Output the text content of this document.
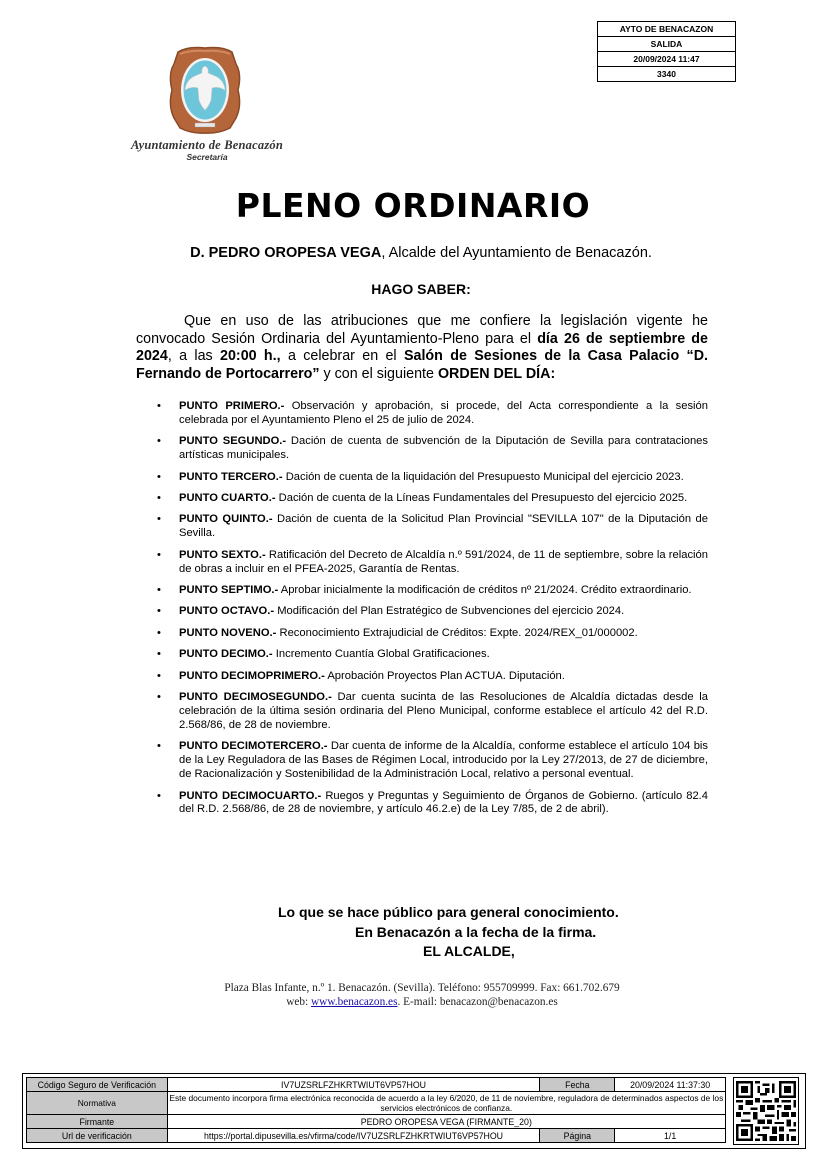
AYTO DE BENACAZON
SALIDA
20/09/2024 11:47
3340
Ayuntamiento de Benacazón
Secretaría
PLENO ORDINARIO
D. PEDRO OROPESA VEGA, Alcalde del Ayuntamiento de Benacazón.
HAGO SABER:
Que en uso de las atribuciones que me confiere la legislación vigente he convocado Sesión Ordinaria del Ayuntamiento-Pleno para el día 26 de septiembre de 2024, a las 20:00 h., a celebrar en el Salón de Sesiones de la Casa Palacio “D. Fernando de Portocarrero” y con el siguiente ORDEN DEL DÍA:
• PUNTO PRIMERO.- Observación y aprobación, si procede, del Acta correspondiente a la sesión celebrada por el Ayuntamiento Pleno el 25 de julio de 2024.
• PUNTO SEGUNDO.- Dación de cuenta de subvención de la Diputación de Sevilla para contrataciones artísticas municipales.
• PUNTO TERCERO.- Dación de cuenta de la liquidación del Presupuesto Municipal del ejercicio 2023.
• PUNTO CUARTO.- Dación de cuenta de la Líneas Fundamentales del Presupuesto del ejercicio 2025.
• PUNTO QUINTO.- Dación de cuenta de la Solicitud Plan Provincial "SEVILLA 107" de la Diputación de Sevilla.
• PUNTO SEXTO.- Ratificación del Decreto de Alcaldía n.º 591/2024, de 11 de septiembre, sobre la relación de obras a incluir en el PFEA-2025, Garantía de Rentas.
• PUNTO SEPTIMO.- Aprobar inicialmente la modificación de créditos nº 21/2024. Crédito extraordinario.
• PUNTO OCTAVO.- Modificación del Plan Estratégico de Subvenciones del ejercicio 2024.
• PUNTO NOVENO.- Reconocimiento Extrajudicial de Créditos: Expte. 2024/REX_01/000002.
• PUNTO DECIMO.- Incremento Cuantía Global Gratificaciones.
• PUNTO DECIMOPRIMERO.- Aprobación Proyectos Plan ACTUA. Diputación.
• PUNTO DECIMOSEGUNDO.- Dar cuenta sucinta de las Resoluciones de Alcaldía dictadas desde la celebración de la última sesión ordinaria del Pleno Municipal, conforme establece el artículo 42 del R.D. 2.568/86, de 28 de noviembre.
• PUNTO DECIMOTERCERO.- Dar cuenta de informe de la Alcaldía, conforme establece el artículo 104 bis de la Ley Reguladora de las Bases de Régimen Local, introducido por la Ley 27/2013, de 27 de diciembre, de Racionalización y Sostenibilidad de la Administración Local, relativo a personal eventual.
• PUNTO DECIMOCUARTO.- Ruegos y Preguntas y Seguimiento de Órganos de Gobierno. (artículo 82.4 del R.D. 2.568/86, de 28 de noviembre, y artículo 46.2.e) de la Ley 7/85, de 2 de abril).
Lo que se hace público para general conocimiento.
En Benacazón a la fecha de la firma.
EL ALCALDE,
Plaza Blas Infante, n.º 1. Benacazón. (Sevilla). Teléfono: 955709999. Fax: 661.702.679
web: www.benacazon.es. E-mail: benacazon@benacazon.es
Código Seguro de Verificación	IV7UZSRLFZHKRTWIUT6VP57HOU	Fecha	20/09/2024 11:37:30
Normativa	Este documento incorpora firma electrónica reconocida de acuerdo a la ley 6/2020, de 11 de noviembre, reguladora de determinados aspectos de los servicios electrónicos de confianza.		
Firmante	PEDRO OROPESA VEGA (FIRMANTE_20)		
Url de verificación	https://portal.dipusevilla.es/vfirma/code/IV7UZSRLFZHKRTWIUT6VP57HOU	Página	1/1
